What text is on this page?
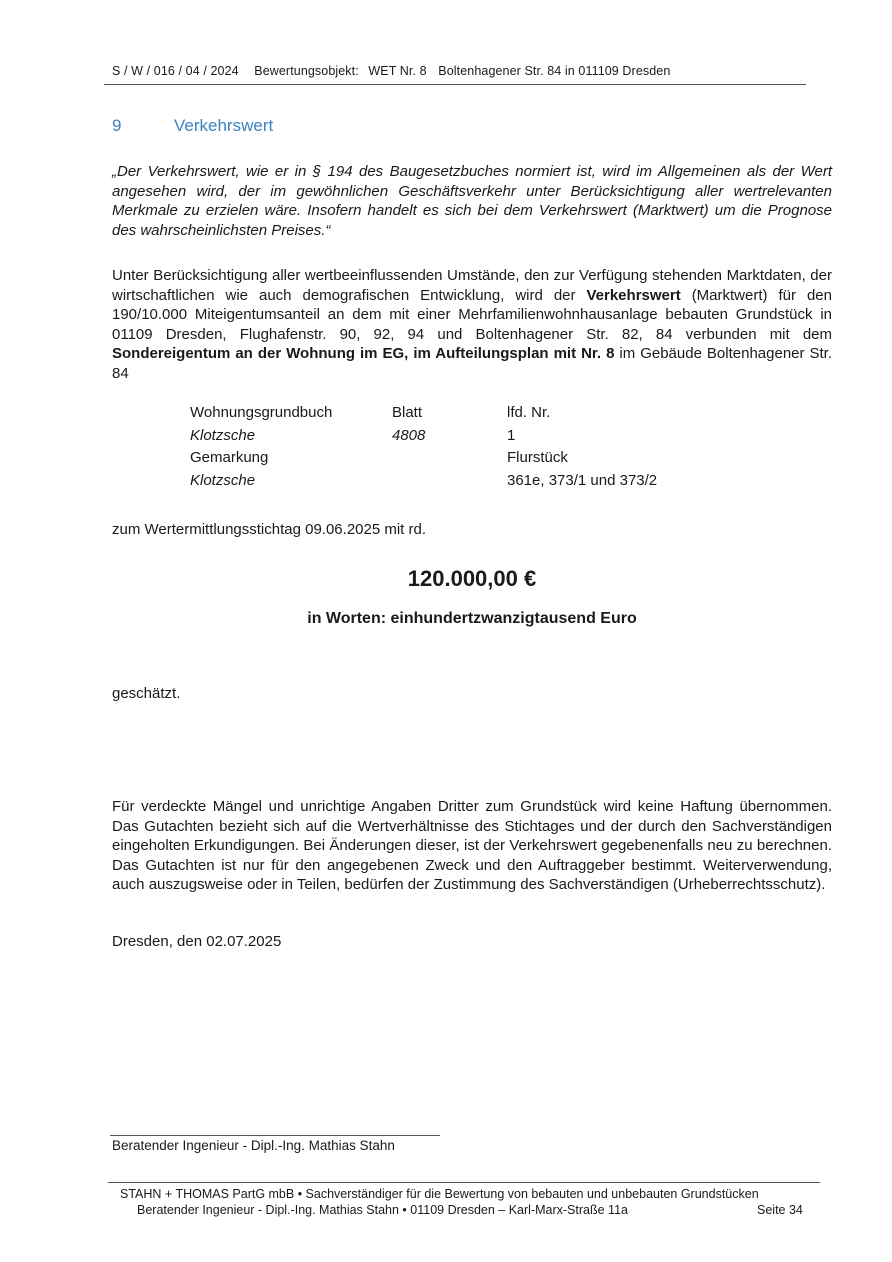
S / W / 016 / 04 / 2024 Bewertungsobjekt: WET Nr. 8 Boltenhagener Str. 84 in 011109 Dresden
9	Verkehrswert

„Der Verkehrswert, wie er in § 194 des Baugesetzbuches normiert ist, wird im Allgemeinen als der Wert angesehen wird, der im gewöhnlichen Geschäftsverkehr unter Berücksichtigung aller wertrelevanten Merkmale zu erzielen wäre. Insofern handelt es sich bei dem Verkehrswert (Marktwert) um die Prognose des wahrscheinlichsten Preises.“

Unter Berücksichtigung aller wertbeeinflussenden Umstände, den zur Verfügung stehenden Marktdaten, der wirtschaftlichen wie auch demografischen Entwicklung, wird der Verkehrswert (Marktwert) für den 190/10.000 Miteigentumsanteil an dem mit einer Mehrfamilienwohnhausanlage bebauten Grundstück in 01109 Dresden, Flughafenstr. 90, 92, 94 und Boltenhagener Str. 82, 84 verbunden mit dem Sondereigentum an der Wohnung im EG, im Aufteilungsplan mit Nr. 8 im Gebäude Boltenhagener Str. 84

Wohnungsgrundbuch	Blatt	lfd. Nr.
Klotzsche	4808	1
Gemarkung		Flurstück
Klotzsche		361e, 373/1 und 373/2
zum Wertermittlungsstichtag 09.06.2025 mit rd.
120.000,00 €
in Worten: einhundertzwanzigtausend Euro
geschätzt.

Für verdeckte Mängel und unrichtige Angaben Dritter zum Grundstück wird keine Haftung übernommen. Das Gutachten bezieht sich auf die Wertverhältnisse des Stichtages und der durch den Sachverständigen eingeholten Erkundigungen. Bei Änderungen dieser, ist der Verkehrswert gegebenenfalls neu zu berechnen. Das Gutachten ist nur für den angegebenen Zweck und den Auftraggeber bestimmt. Weiterverwendung, auch auszugsweise oder in Teilen, bedürfen der Zustimmung des Sachverständigen (Urheberrechtsschutz).

Dresden, den 02.07.2025
Beratender Ingenieur - Dipl.-Ing. Mathias Stahn
STAHN + THOMAS PartG mbB • Sachverständiger für die Bewertung von bebauten und unbebauten Grundstücken
Beratender Ingenieur - Dipl.-Ing. Mathias Stahn • 01109 Dresden – Karl-Marx-Straße 11a	Seite 34
